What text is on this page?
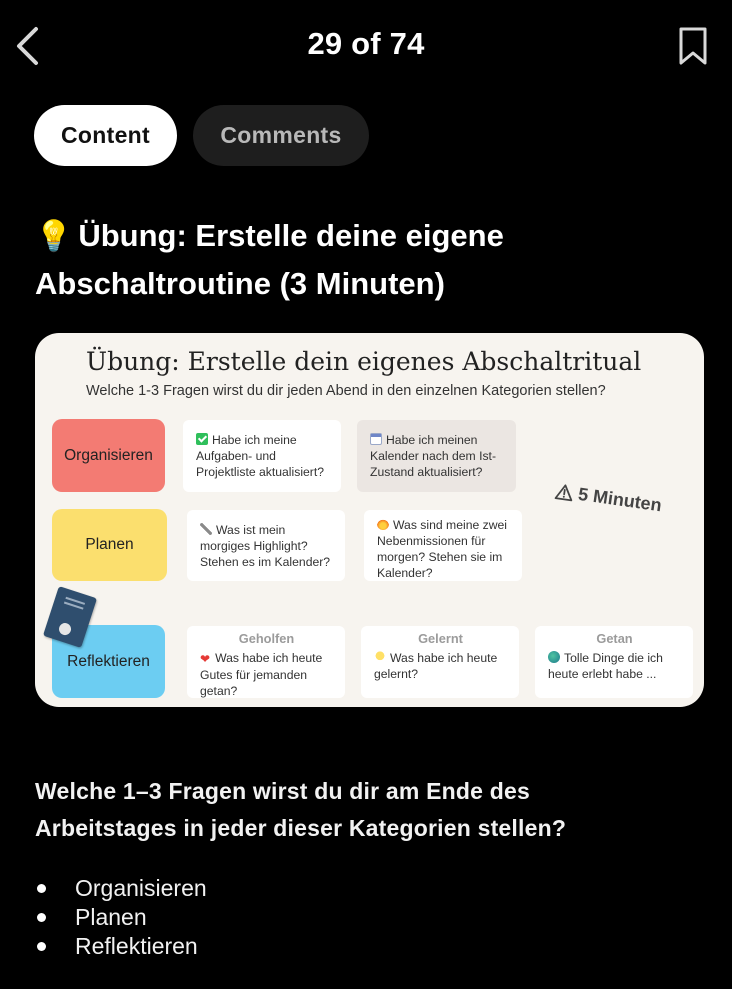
29 of 74
Content	Comments
💡 Übung: Erstelle deine eigene Abschaltroutine (3 Minuten)
Übung: Erstelle dein eigenes Abschaltritual
Welche 1-3 Fragen wirst du dir jeden Abend in den einzelnen Kategorien stellen?
Organisieren
Planen
Reflektieren
Habe ich meine Aufgaben- und Projektliste aktualisiert?
Habe ich meinen Kalender nach dem Ist-Zustand aktualisiert?
Was ist mein morgiges Highlight? Stehen es im Kalender?
Was sind meine zwei Nebenmissionen für morgen? Stehen sie im Kalender?
Geholfen
❤ Was habe ich heute Gutes für jemanden getan?
Gelernt
Was habe ich heute gelernt?
Getan
Tolle Dinge die ich heute erlebt habe ...
5 Minuten

Welche 1–3 Fragen wirst du dir am Ende des Arbeitstages in jeder dieser Kategorien stellen?

Organisieren
Planen
Reflektieren
